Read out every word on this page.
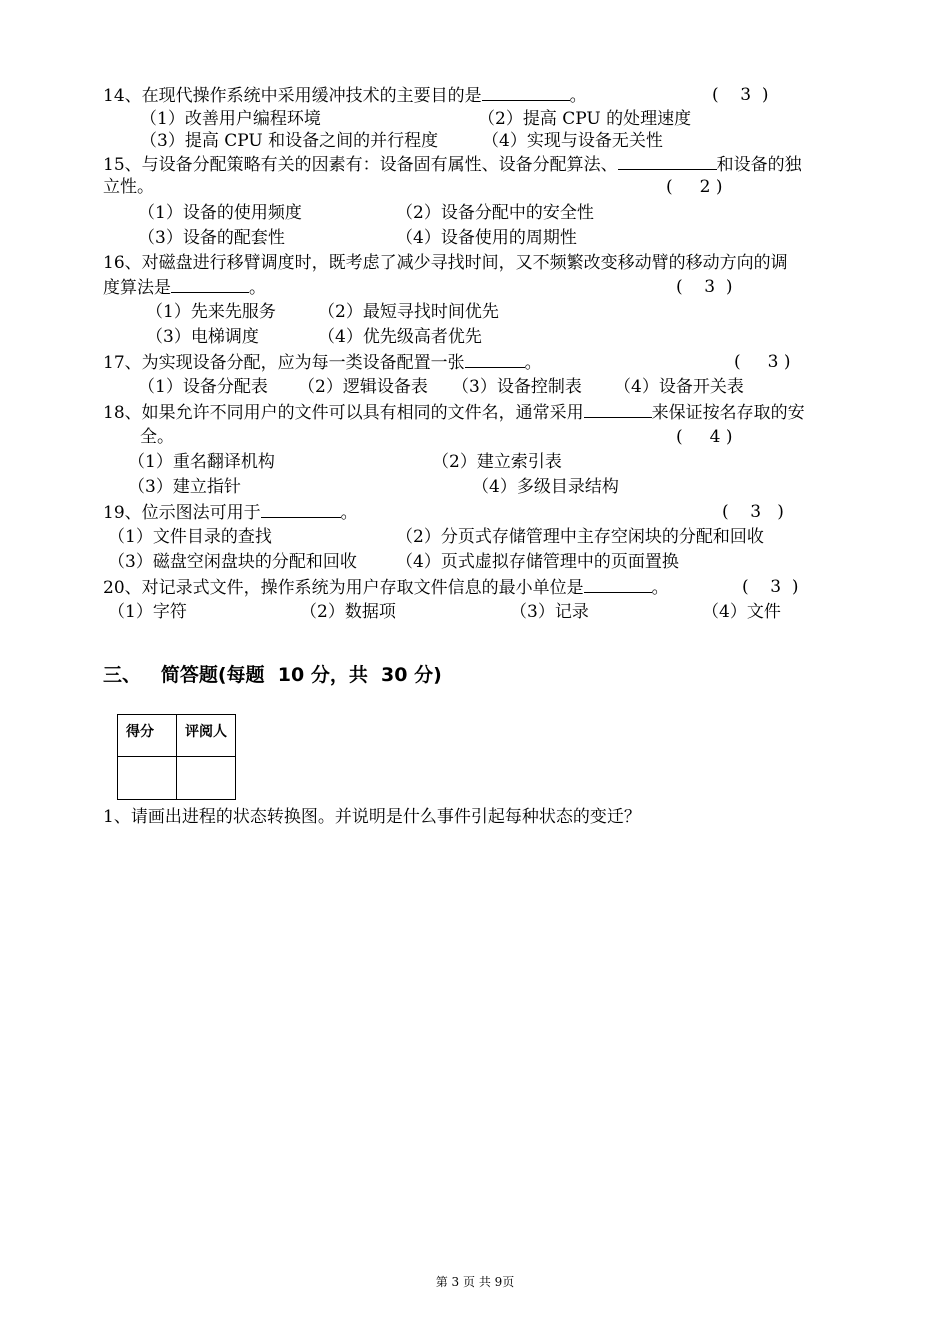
14、在现代操作系统中采用缓冲技术的主要目的是	。	(    3  )
（1）改善用户编程环境	（2）提高 CPU 的处理速度
（3）提高 CPU 和设备之间的并行程度	（4）实现与设备无关性
15、与设备分配策略有关的因素有：设备固有属性、设备分配算法、	和设备的独
立性。	(     2 )
（1）设备的使用频度	（2）设备分配中的安全性
（3）设备的配套性	（4）设备使用的周期性
16、对磁盘进行移臂调度时，既考虑了减少寻找时间，又不频繁改变移动臂的移动方向的调
度算法是	。	(    3  )
（1）先来先服务 （2）最短寻找时间优先
（3）电梯调度	（4）优先级高者优先
17、为实现设备分配，应为每一类设备配置一张	。	(     3 )
（1）设备分配表 （2）逻辑设备表 （3）设备控制表 （4）设备开关表
18、如果允许不同用户的文件可以具有相同的文件名，通常采用	来保证按名存取的安
全。	(     4 )
（1）重名翻译机构	（2）建立索引表
（3）建立指针	（4）多级目录结构
19、位示图法可用于	。	(    3   )
（1）文件目录的查找	（2）分页式存储管理中主存空闲块的分配和回收
（3）磁盘空闲盘块的分配和回收 （4）页式虚拟存储管理中的页面置换
20、对记录式文件，操作系统为用户存取文件信息的最小单位是	。	(    3  )
（1）字符	（2）数据项	（3）记录	（4）文件
三、   简答题(每题  10 分，共  30 分)
得分	评阅人

1、请画出进程的状态转换图。并说明是什么事件引起每种状态的变迁？
第 3 页 共 9页
